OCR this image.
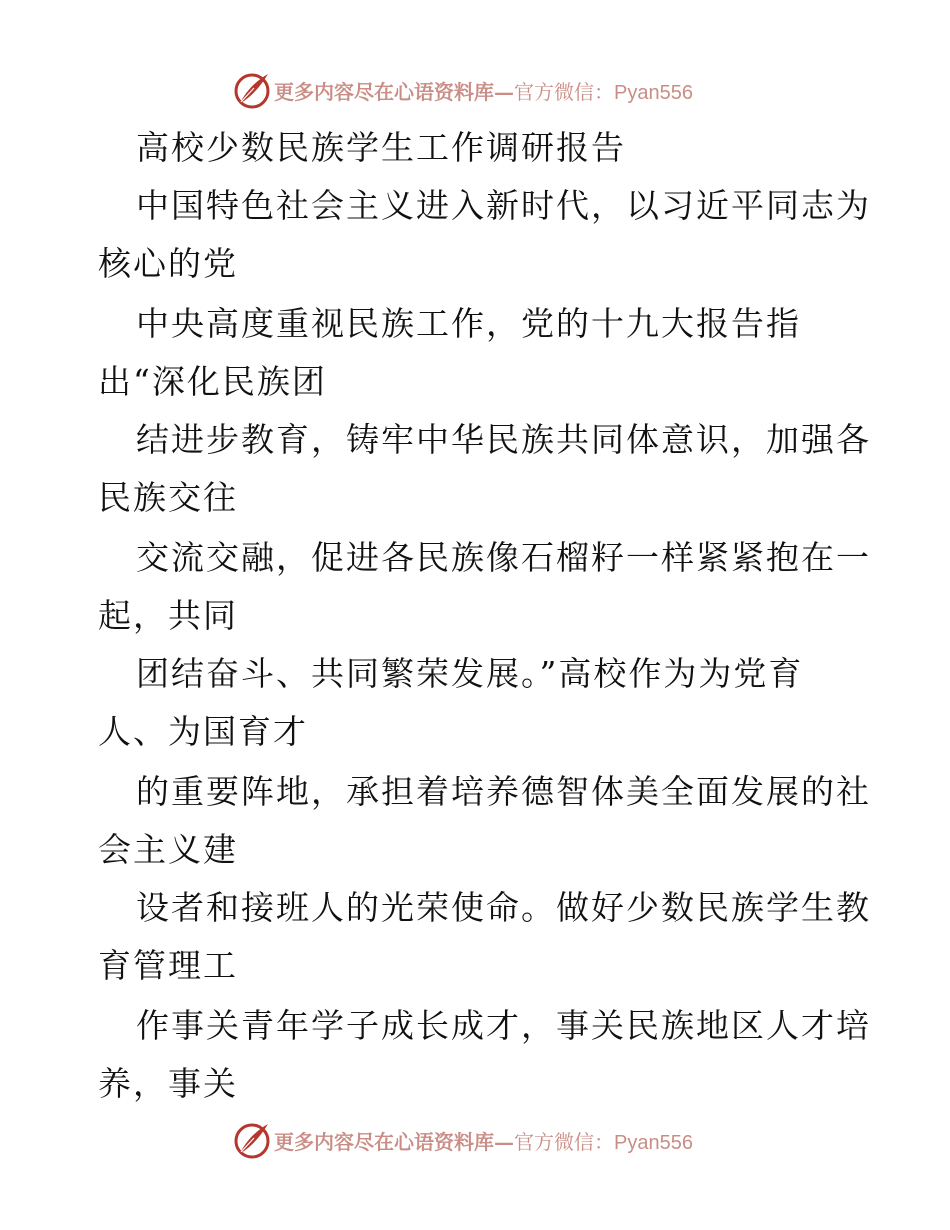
更多内容尽在心语资料库—官方微信：Pyan556
高校少数民族学生工作调研报告
中国特色社会主义进入新时代，以习近平同志为
核心的党
中央高度重视民族工作，党的十九大报告指
出“深化民族团
结进步教育，铸牢中华民族共同体意识，加强各
民族交往
交流交融，促进各民族像石榴籽一样紧紧抱在一
起，共同
团结奋斗、共同繁荣发展。”高校作为为党育
人、为国育才
的重要阵地，承担着培养德智体美全面发展的社
会主义建
设者和接班人的光荣使命。做好少数民族学生教
育管理工
作事关青年学子成长成才，事关民族地区人才培
养，事关
更多内容尽在心语资料库—官方微信：Pyan556
